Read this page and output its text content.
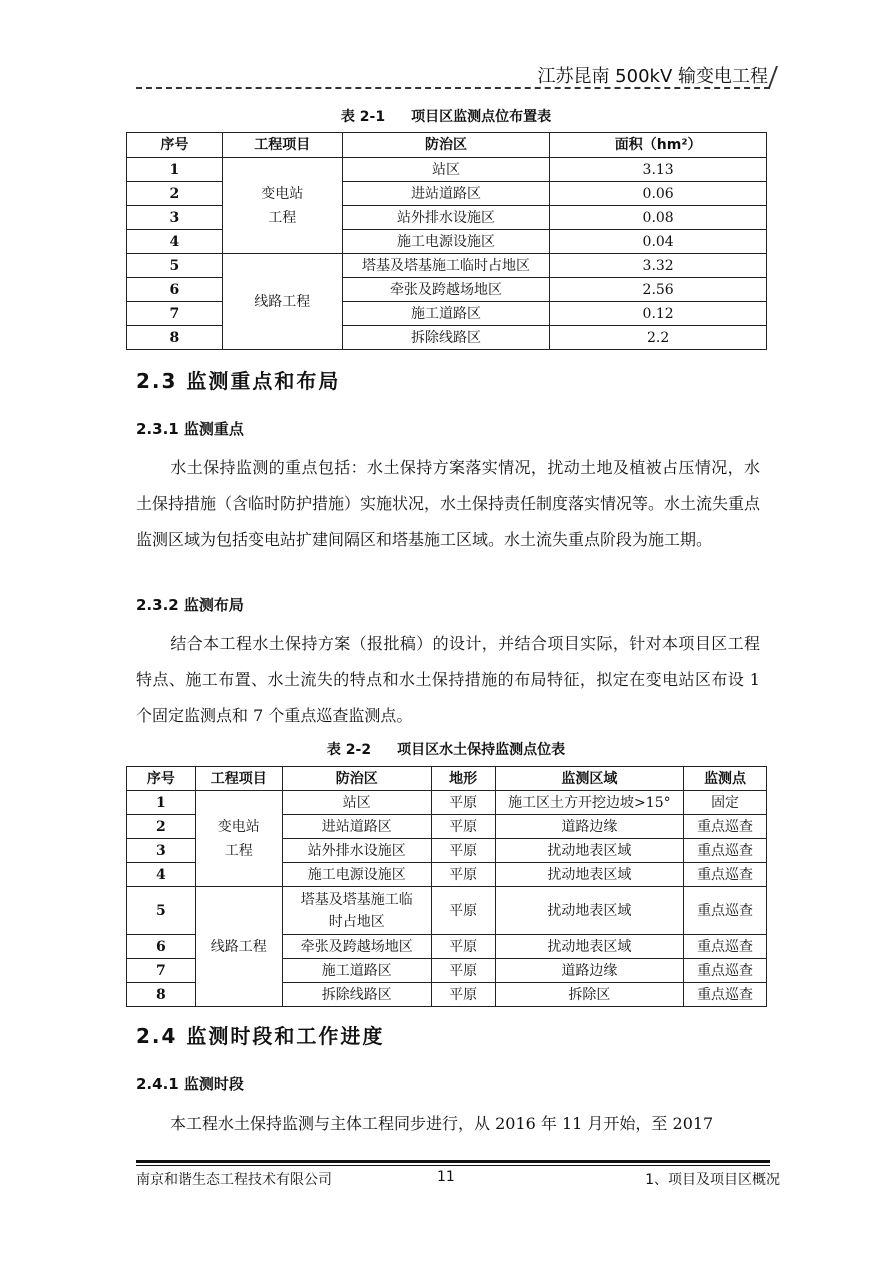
江苏昆南 500kV 输变电工程
表 2-1 项目区监测点位布置表
序号	工程项目	防治区	面积（hm²）
1	变电站工程	站区	3.13
2		进站道路区	0.06
3		站外排水设施区	0.08
4		施工电源设施区	0.04
5	线路工程	塔基及塔基施工临时占地区	3.32
6		牵张及跨越场地区	2.56
7		施工道路区	0.12
8		拆除线路区	2.2
2.3 监测重点和布局
2.3.1 监测重点
水土保持监测的重点包括：水土保持方案落实情况，扰动土地及植被占压情况，水土保持措施（含临时防护措施）实施状况，水土保持责任制度落实情况等。水土流失重点监测区域为包括变电站扩建间隔区和塔基施工区域。水土流失重点阶段为施工期。
2.3.2 监测布局
结合本工程水土保持方案（报批稿）的设计，并结合项目实际，针对本项目区工程特点、施工布置、水土流失的特点和水土保持措施的布局特征，拟定在变电站区布设 1 个固定监测点和 7 个重点巡查监测点。
表 2-2 项目区水土保持监测点位表
序号	工程项目	防治区	地形	监测区域	监测点
1	变电站工程	站区	平原	施工区土方开挖边坡>15°	固定
2		进站道路区	平原	道路边缘	重点巡查
3		站外排水设施区	平原	扰动地表区域	重点巡查
4		施工电源设施区	平原	扰动地表区域	重点巡查
5	线路工程	塔基及塔基施工临时占地区	平原	扰动地表区域	重点巡查
6		牵张及跨越场地区	平原	扰动地表区域	重点巡查
7		施工道路区	平原	道路边缘	重点巡查
8		拆除线路区	平原	拆除区	重点巡查
2.4 监测时段和工作进度
2.4.1 监测时段
本工程水土保持监测与主体工程同步进行，从 2016 年 11 月开始，至 2017
南京和谐生态工程技术有限公司	11	1、项目及项目区概况
